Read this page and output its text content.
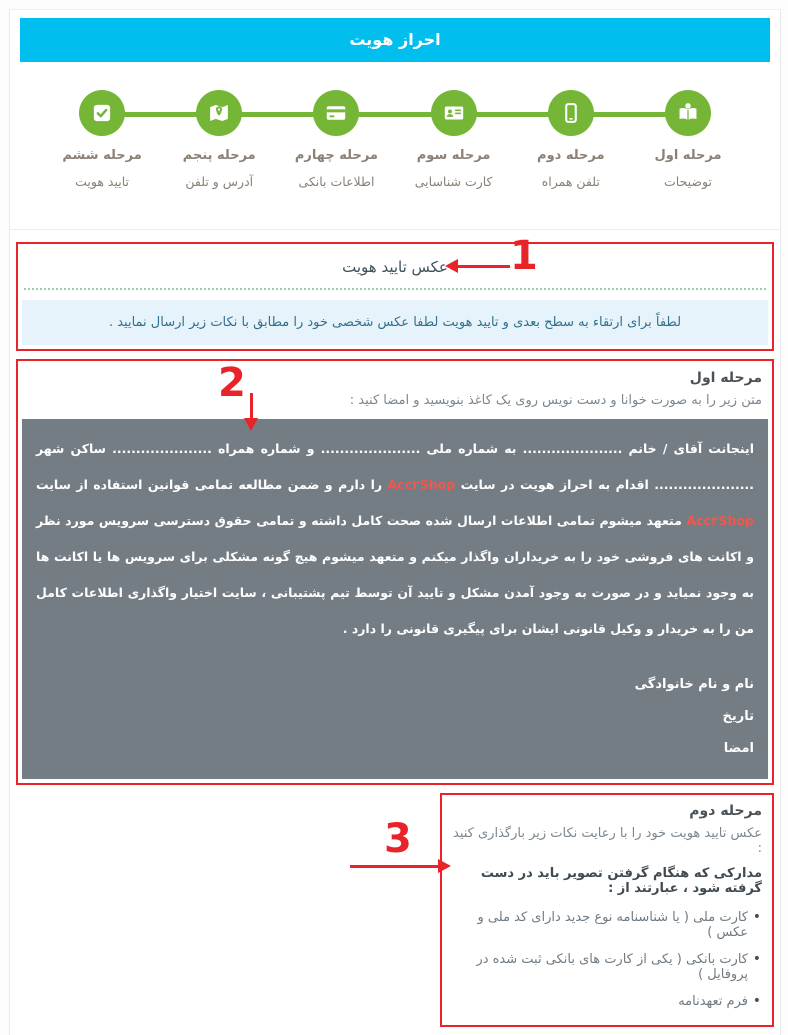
احراز هویت
مرحله اول
توضیحات
مرحله دوم
تلفن همراه
مرحله سوم
کارت شناسایی
مرحله چهارم
اطلاعات بانکی
مرحله پنجم
آدرس و تلفن
مرحله ششم
تایید هویت
عکس تایید هویت
لطفاً برای ارتقاء به سطح بعدی و تایید هویت لطفا عکس شخصی خود را مطابق با نکات زیر ارسال نمایید .
1
مرحله اول
متن زیر را به صورت خوانا و دست نویس روی یک کاغذ بنویسید و امضا کنید :
اینجانت آقای / خانم ..................... به شماره ملی ..................... و شماره همراه ..................... ساکن شهر ..................... اقدام به احراز هویت در سایت Acc۲Shop را دارم و ضمن مطالعه تمامی قوانین استفاده از سایت Acc۲Shop متعهد میشوم تمامی اطلاعات ارسال شده صحت کامل داشته و تمامی حقوق دسترسی سرویس مورد نظر و اکانت های فروشی خود را به خریداران واگذار میکنم و متعهد میشوم هیچ گونه مشکلی برای سرویس ها یا اکانت ها به وجود نمیاید و در صورت به وجود آمدن مشکل و تایید آن توسط تیم پشتیبانی ، سایت اختیار واگذاری اطلاعات کامل من را به خریدار و وکیل قانونی ایشان برای پیگیری قانونی را دارد .
نام و نام خانوادگی
تاریخ
امضا
2
مرحله دوم
عکس تایید هویت خود را با رعایت نکات زیر بارگذاری کنید :
مدارکی که هنگام گرفتن تصویر باید در دست گرفته شود ، عبارتند از :
• کارت ملی ( یا شناسنامه نوع جدید دارای کد ملی و عکس )
• کارت بانکی ( یکی از کارت های بانکی ثبت شده در پروفایل )
• فرم تعهدنامه
3
